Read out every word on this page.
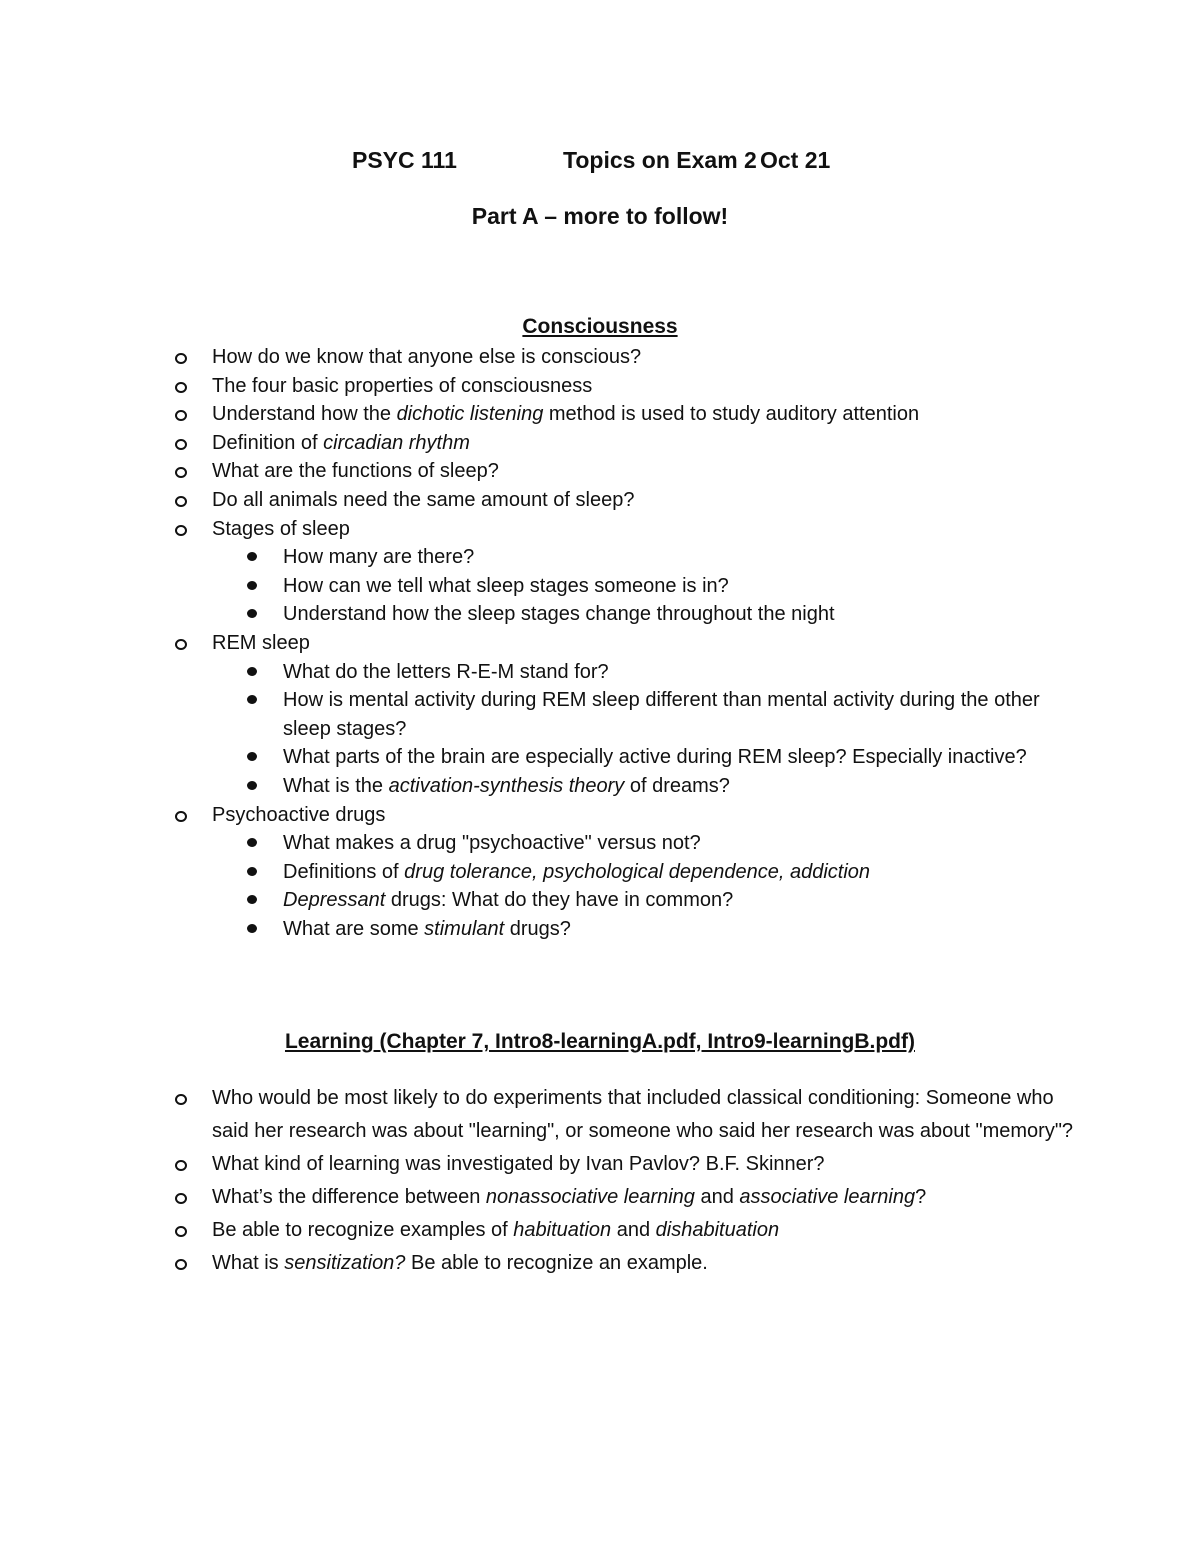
PSYC 111	Topics on Exam 2 Oct 21
Part A – more to follow!
Consciousness
How do we know that anyone else is conscious?
The four basic properties of consciousness
Understand how the dichotic listening method is used to study auditory attention
Definition of circadian rhythm
What are the functions of sleep?
Do all animals need the same amount of sleep?
Stages of sleep
How many are there?
How can we tell what sleep stages someone is in?
Understand how the sleep stages change throughout the night
REM sleep
What do the letters R-E-M stand for?
How is mental activity during REM sleep different than mental activity during the other sleep stages?
What parts of the brain are especially active during REM sleep? Especially inactive?
What is the activation-synthesis theory of dreams?
Psychoactive drugs
What makes a drug "psychoactive" versus not?
Definitions of drug tolerance, psychological dependence, addiction
Depressant drugs: What do they have in common?
What are some stimulant drugs?
Learning (Chapter 7, Intro8-learningA.pdf, Intro9-learningB.pdf)
Who would be most likely to do experiments that included classical conditioning: Someone who said her research was about "learning", or someone who said her research was about "memory"?
What kind of learning was investigated by Ivan Pavlov? B.F. Skinner?
What’s the difference between nonassociative learning and associative learning?
Be able to recognize examples of habituation and dishabituation
What is sensitization? Be able to recognize an example.
